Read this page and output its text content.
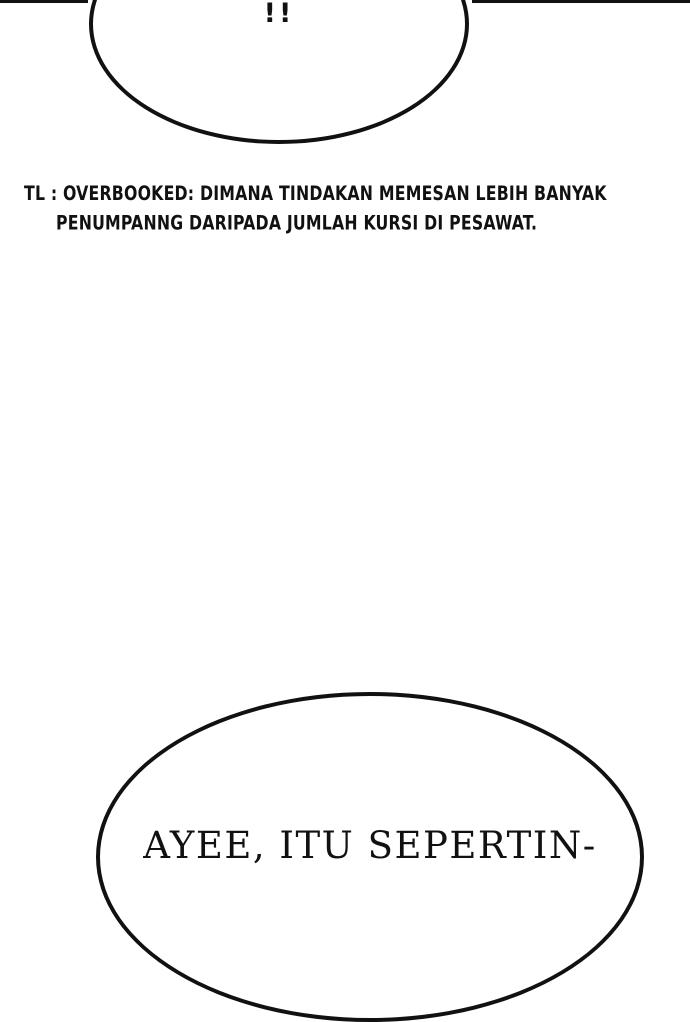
!!
TL : OVERBOOKED: DIMANA TINDAKAN MEMESAN LEBIH BANYAK
PENUMPANNG DARIPADA JUMLAH KURSI DI PESAWAT.
AYEE, ITU SEPERTIN-
